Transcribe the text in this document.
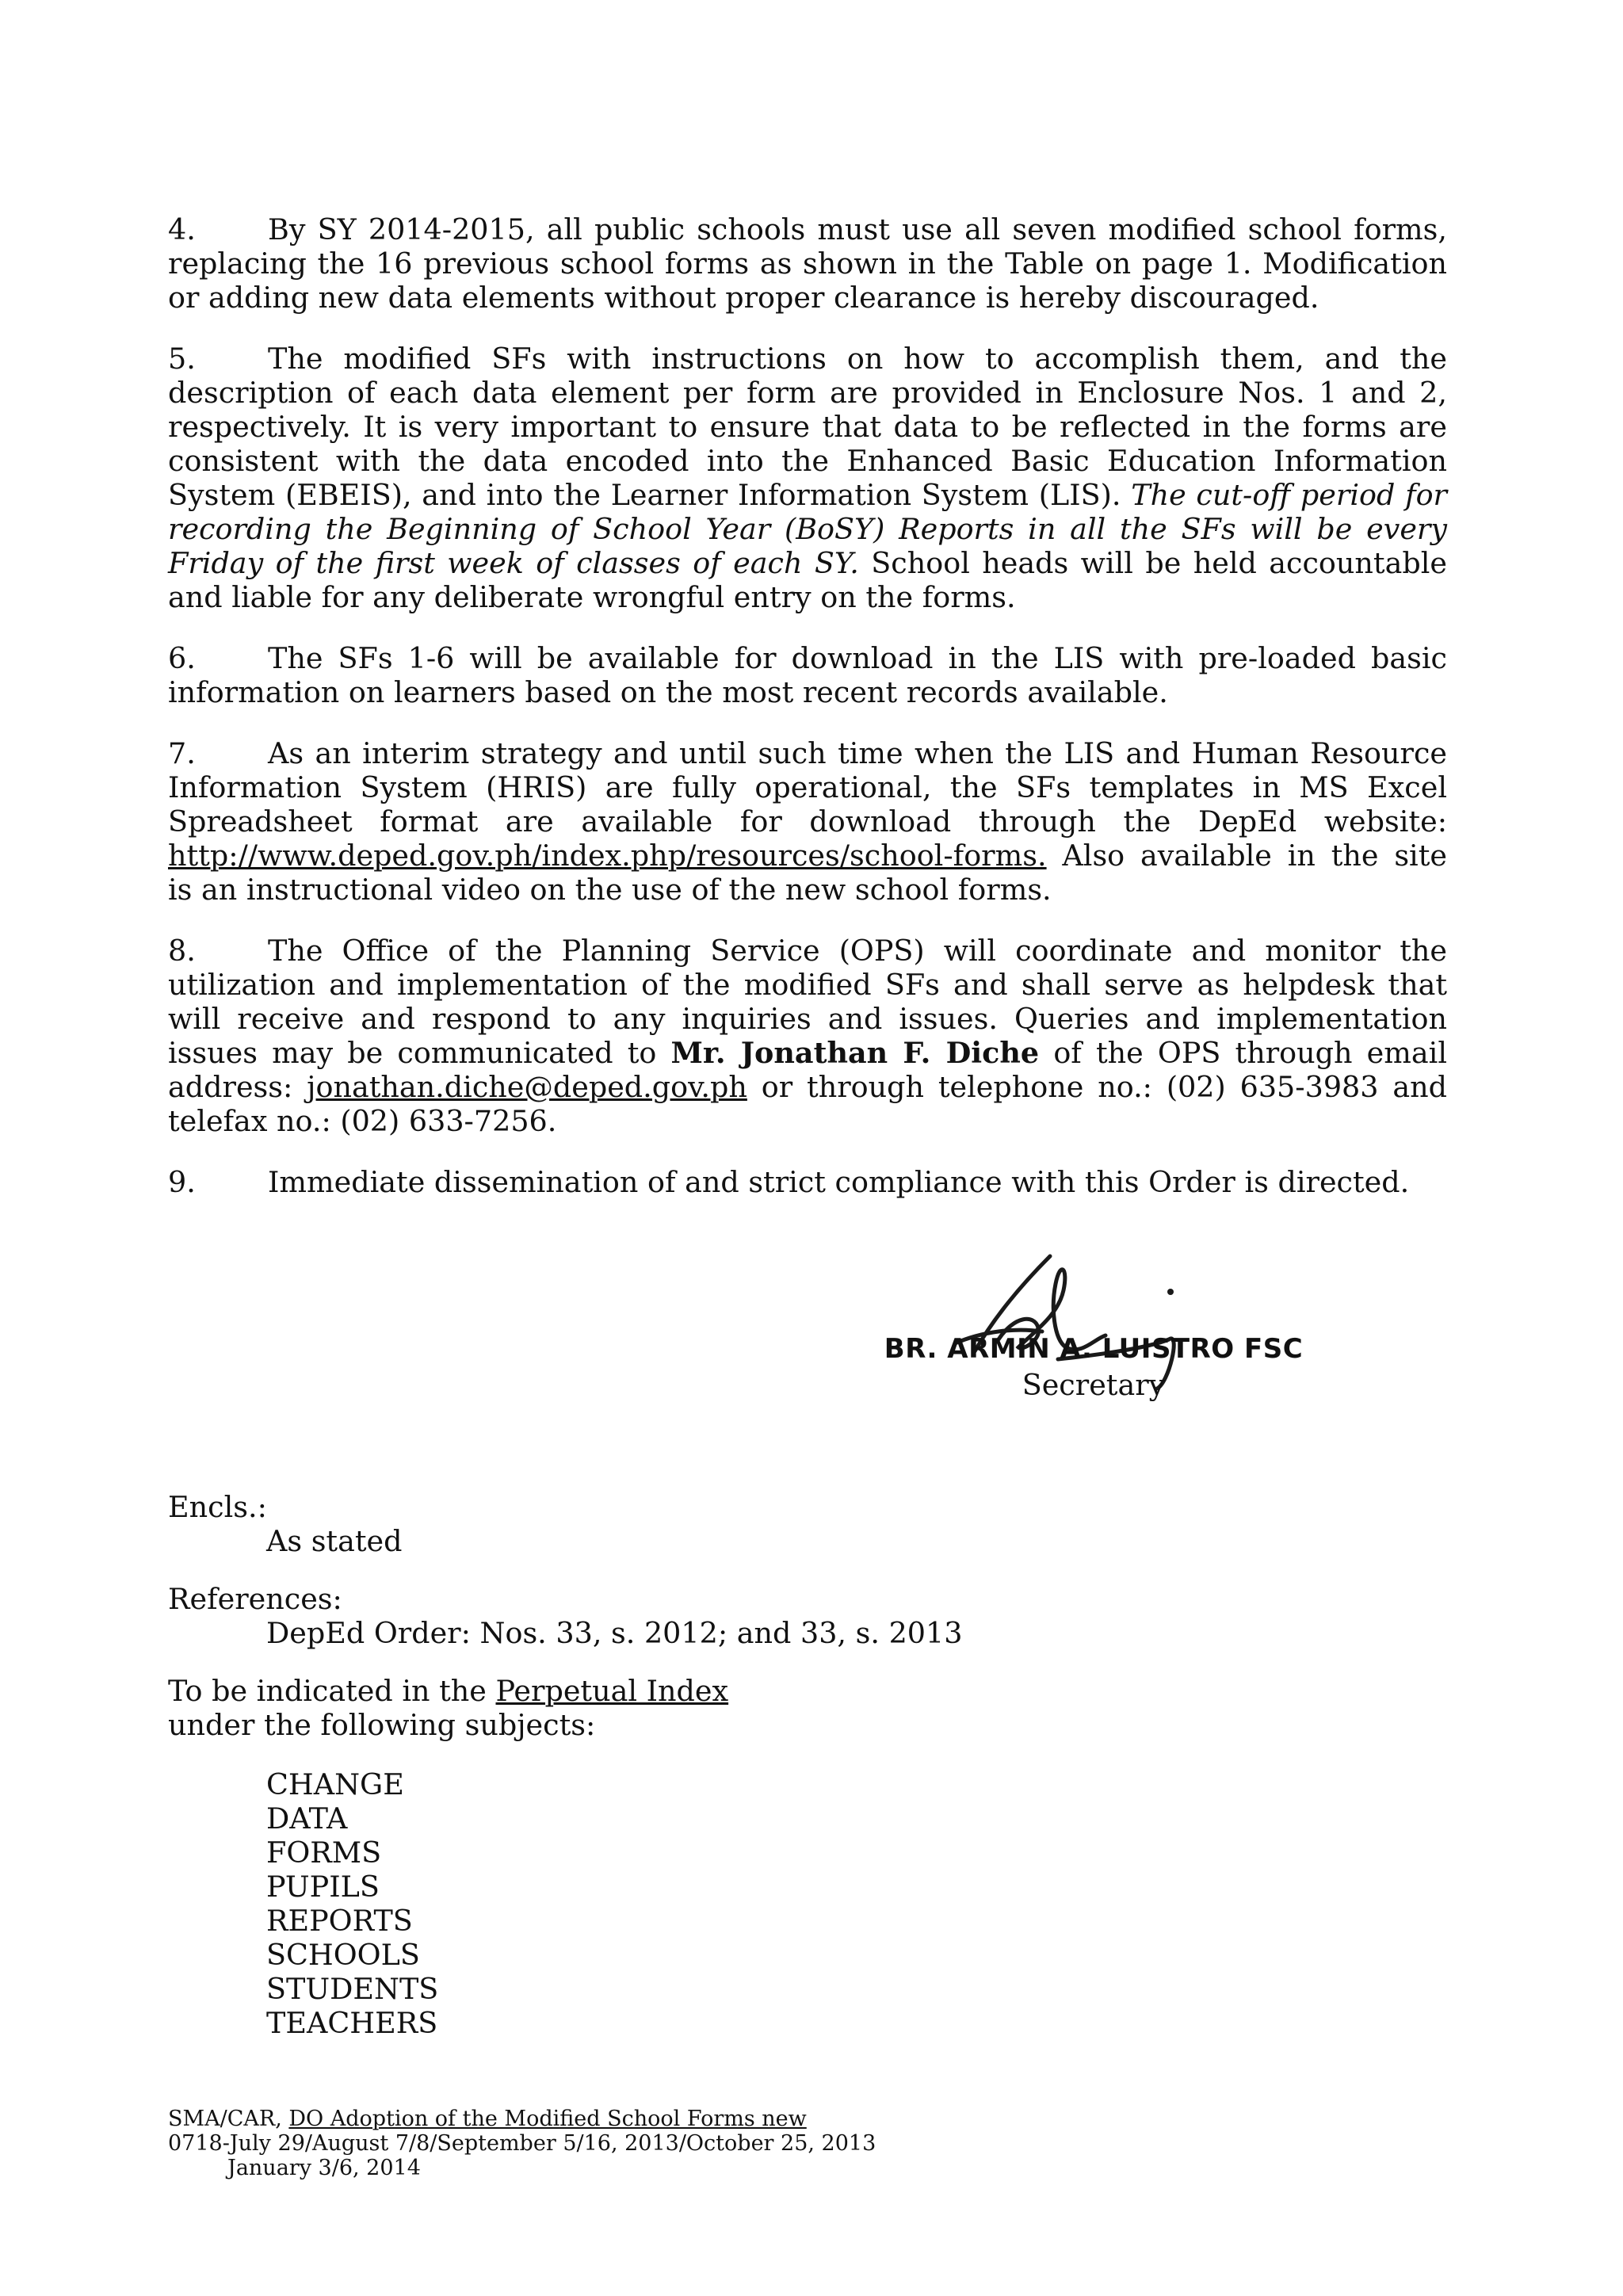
4. By SY 2014-2015, all public schools must use all seven modified school forms, replacing the 16 previous school forms as shown in the Table on page 1. Modification or adding new data elements without proper clearance is hereby discouraged.

5. The modified SFs with instructions on how to accomplish them, and the description of each data element per form are provided in Enclosure Nos. 1 and 2, respectively. It is very important to ensure that data to be reflected in the forms are consistent with the data encoded into the Enhanced Basic Education Information System (EBEIS), and into the Learner Information System (LIS). The cut-off period for recording the Beginning of School Year (BoSY) Reports in all the SFs will be every Friday of the first week of classes of each SY. School heads will be held accountable and liable for any deliberate wrongful entry on the forms.

6. The SFs 1-6 will be available for download in the LIS with pre-loaded basic information on learners based on the most recent records available.

7. As an interim strategy and until such time when the LIS and Human Resource Information System (HRIS) are fully operational, the SFs templates in MS Excel Spreadsheet format are available for download through the DepEd website: http://www.deped.gov.ph/index.php/resources/school-forms. Also available in the site is an instructional video on the use of the new school forms.

8. The Office of the Planning Service (OPS) will coordinate and monitor the utilization and implementation of the modified SFs and shall serve as helpdesk that will receive and respond to any inquiries and issues. Queries and implementation issues may be communicated to Mr. Jonathan F. Diche of the OPS through email address: jonathan.diche@deped.gov.ph or through telephone no.: (02) 635-3983 and telefax no.: (02) 633-7256.

9. Immediate dissemination of and strict compliance with this Order is directed.

BR. ARMIN A. LUISTRO FSC
Secretary
Encls.:
As stated
References:
DepEd Order: Nos. 33, s. 2012; and 33, s. 2013
To be indicated in the Perpetual Index
under the following subjects:
CHANGE
DATA
FORMS
PUPILS
REPORTS
SCHOOLS
STUDENTS
TEACHERS
SMA/CAR, DO Adoption of the Modified School Forms new
0718-July 29/August 7/8/September 5/16, 2013/October 25, 2013
January 3/6, 2014
